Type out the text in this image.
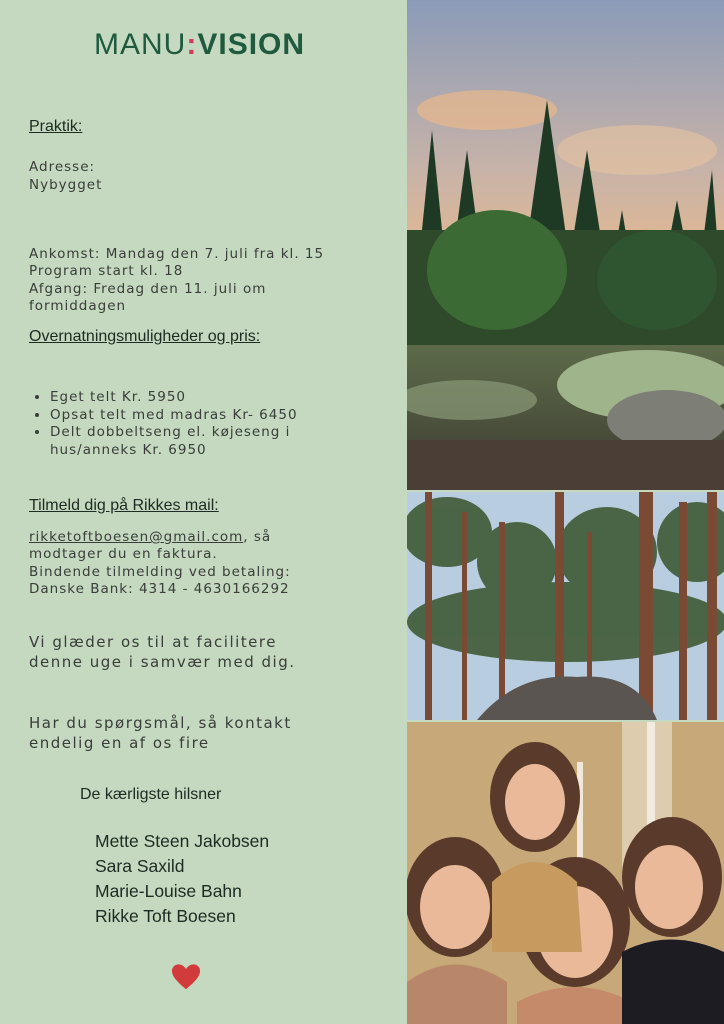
MANU:VISION
Praktik:
Adresse:
Nybygget
Ankomst: Mandag den 7. juli fra kl. 15
Program start kl. 18
Afgang: Fredag den 11. juli om
formiddagen
Overnatningsmuligheder og pris:
• Eget telt Kr. 5950
• Opsat telt med madras Kr- 6450
• Delt dobbeltseng el. køjeseng i
hus/anneks Kr. 6950
Tilmeld dig på Rikkes mail:
rikketoftboesen@gmail.com, så
modtager du en faktura.
Bindende tilmelding ved betaling:
Danske Bank: 4314 - 4630166292
Vi glæder os til at facilitere
denne uge i samvær med dig.
Har du spørgsmål, så kontakt
endelig en af os fire
De kærligste hilsner
Mette Steen Jakobsen
Sara Saxild
Marie-Louise Bahn
Rikke Toft Boesen
